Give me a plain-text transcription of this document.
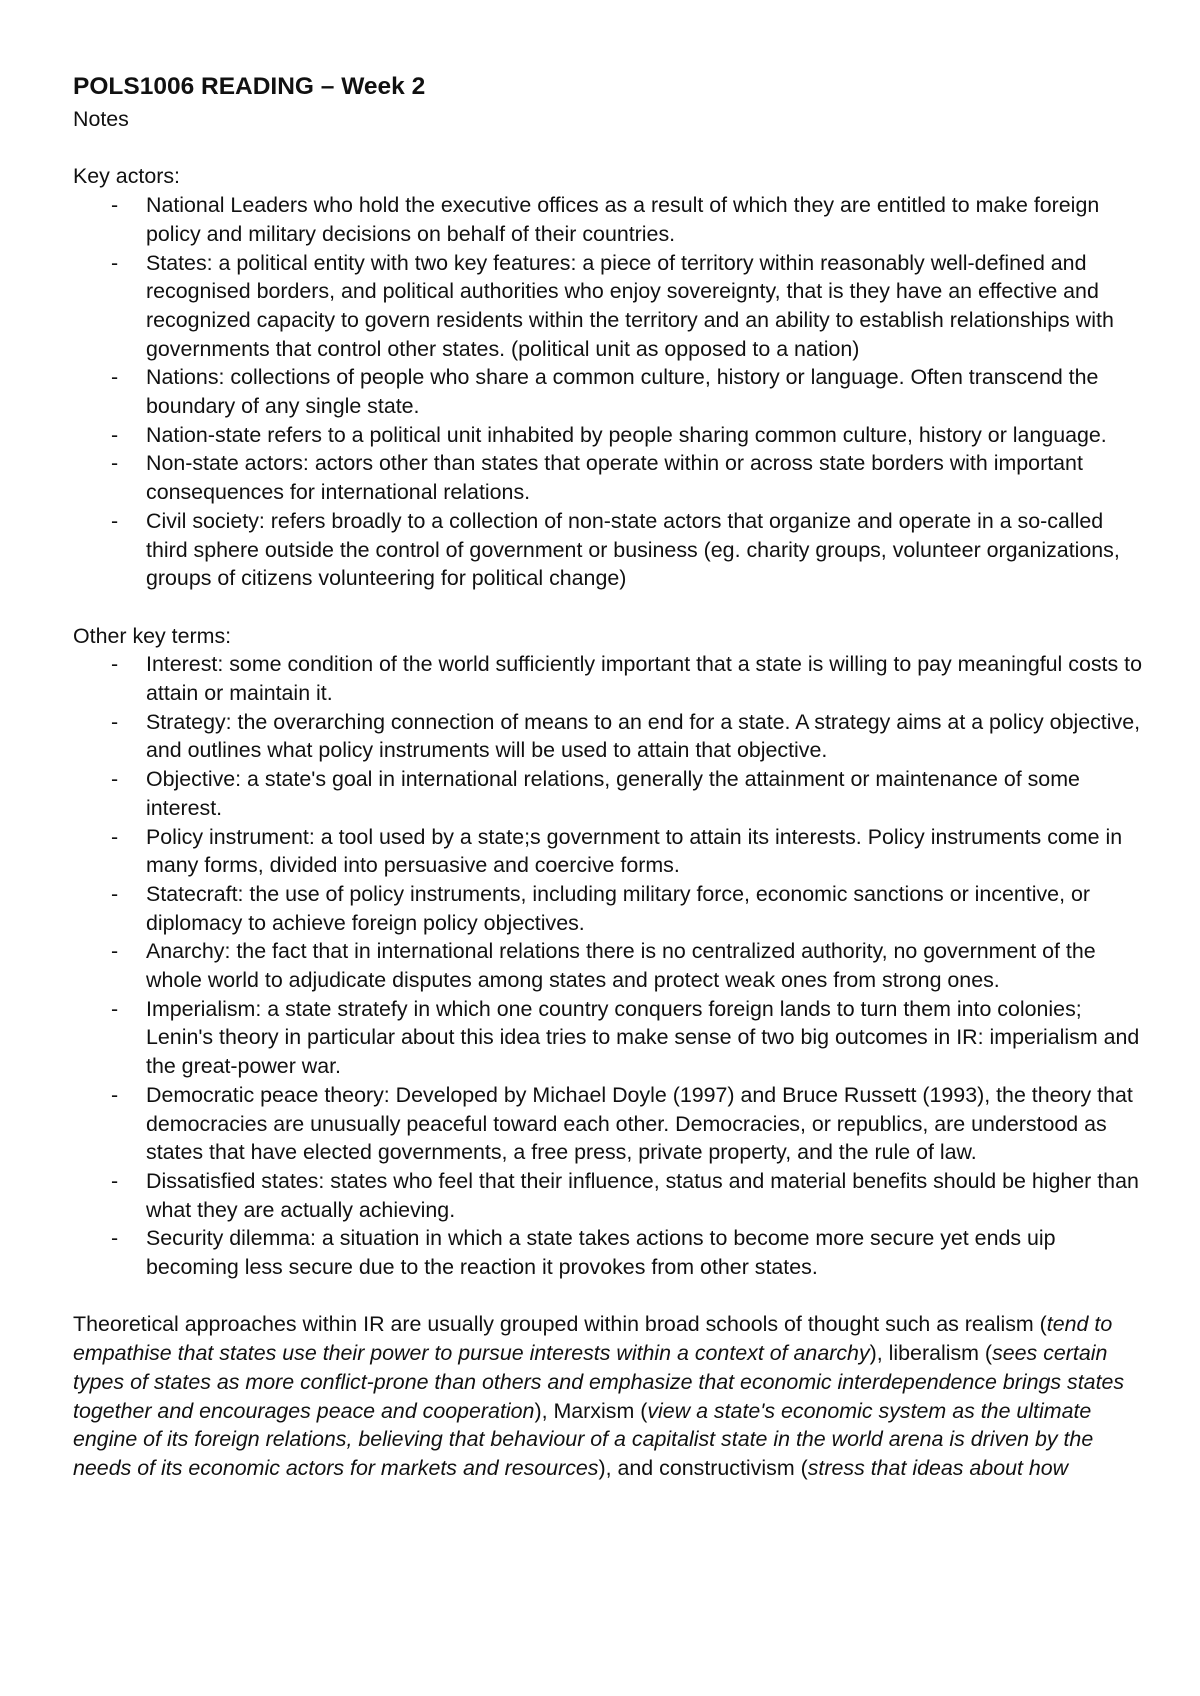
POLS1006 READING – Week 2

Notes

Key actors:

- National Leaders who hold the executive offices as a result of which they are entitled to make foreign policy and military decisions on behalf of their countries.
- States: a political entity with two key features: a piece of territory within reasonably well-defined and recognised borders, and political authorities who enjoy sovereignty, that is they have an effective and recognized capacity to govern residents within the territory and an ability to establish relationships with governments that control other states. (political unit as opposed to a nation)
- Nations: collections of people who share a common culture, history or language. Often transcend the boundary of any single state.
- Nation-state refers to a political unit inhabited by people sharing common culture, history or language.
- Non-state actors: actors other than states that operate within or across state borders with important consequences for international relations.
- Civil society: refers broadly to a collection of non-state actors that organize and operate in a so-called third sphere outside the control of government or business (eg. charity groups, volunteer organizations, groups of citizens volunteering for political change)

Other key terms:

- Interest: some condition of the world sufficiently important that a state is willing to pay meaningful costs to attain or maintain it.
- Strategy: the overarching connection of means to an end for a state. A strategy aims at a policy objective, and outlines what policy instruments will be used to attain that objective.
- Objective: a state's goal in international relations, generally the attainment or maintenance of some interest.
- Policy instrument: a tool used by a state;s government to attain its interests. Policy instruments come in many forms, divided into persuasive and coercive forms.
- Statecraft: the use of policy instruments, including military force, economic sanctions or incentive, or diplomacy to achieve foreign policy objectives.
- Anarchy: the fact that in international relations there is no centralized authority, no government of the whole world to adjudicate disputes among states and protect weak ones from strong ones.
- Imperialism: a state stratefy in which one country conquers foreign lands to turn them into colonies; Lenin's theory in particular about this idea tries to make sense of two big outcomes in IR: imperialism and the great-power war.
- Democratic peace theory: Developed by Michael Doyle (1997) and Bruce Russett (1993), the theory that democracies are unusually peaceful toward each other. Democracies, or republics, are understood as states that have elected governments, a free press, private property, and the rule of law.
- Dissatisfied states: states who feel that their influence, status and material benefits should be higher than what they are actually achieving.
- Security dilemma: a situation in which a state takes actions to become more secure yet ends uip becoming less secure due to the reaction it provokes from other states.

Theoretical approaches within IR are usually grouped within broad schools of thought such as realism (tend to empathise that states use their power to pursue interests within a context of anarchy), liberalism (sees certain types of states as more conflict-prone than others and emphasize that economic interdependence brings states together and encourages peace and cooperation), Marxism (view a state's economic system as the ultimate engine of its foreign relations, believing that behaviour of a capitalist state in the world arena is driven by the needs of its economic actors for markets and resources), and constructivism (stress that ideas about how
